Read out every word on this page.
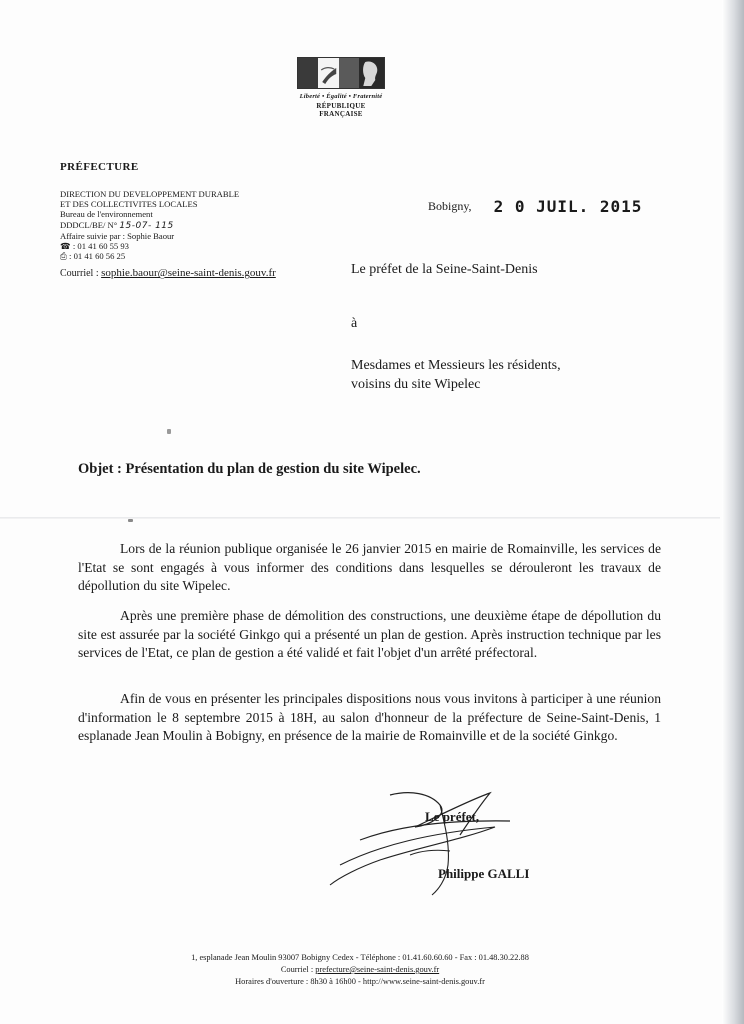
Liberté • Égalité • Fraternité
RÉPUBLIQUE FRANÇAISE
PRÉFECTURE
DIRECTION DU DEVELOPPEMENT DURABLE
ET DES COLLECTIVITES LOCALES
Bureau de l'environnement
DDDCL/BE/ N° 15-07- 115
Affaire suivie par : Sophie Baour
☎ : 01 41 60 55 93
⎙ : 01 41 60 56 25
Courriel : sophie.baour@seine-saint-denis.gouv.fr
Bobigny, 2 0 JUIL. 2015
Le préfet de la Seine-Saint-Denis
à
Mesdames et Messieurs les résidents,
voisins du site Wipelec
Objet : Présentation du plan de gestion du site Wipelec.
Lors de la réunion publique organisée le 26 janvier 2015 en mairie de Romainville, les services de l'Etat se sont engagés à vous informer des conditions dans lesquelles se dérouleront les travaux de dépollution du site Wipelec.
Après une première phase de démolition des constructions, une deuxième étape de dépollution du site est assurée par la société Ginkgo qui a présenté un plan de gestion. Après instruction technique par les services de l'Etat, ce plan de gestion a été validé et fait l'objet d'un arrêté préfectoral.
Afin de vous en présenter les principales dispositions nous vous invitons à participer à une réunion d'information le 8 septembre 2015 à 18H, au salon d'honneur de la préfecture de Seine-Saint-Denis, 1 esplanade Jean Moulin à Bobigny, en présence de la mairie de Romainville et de la société Ginkgo.
Le préfet,
Philippe GALLI
1, esplanade Jean Moulin 93007 Bobigny Cedex - Téléphone : 01.41.60.60.60 - Fax : 01.48.30.22.88
Courriel : prefecture@seine-saint-denis.gouv.fr
Horaires d'ouverture : 8h30 à 16h00 - http://www.seine-saint-denis.gouv.fr
